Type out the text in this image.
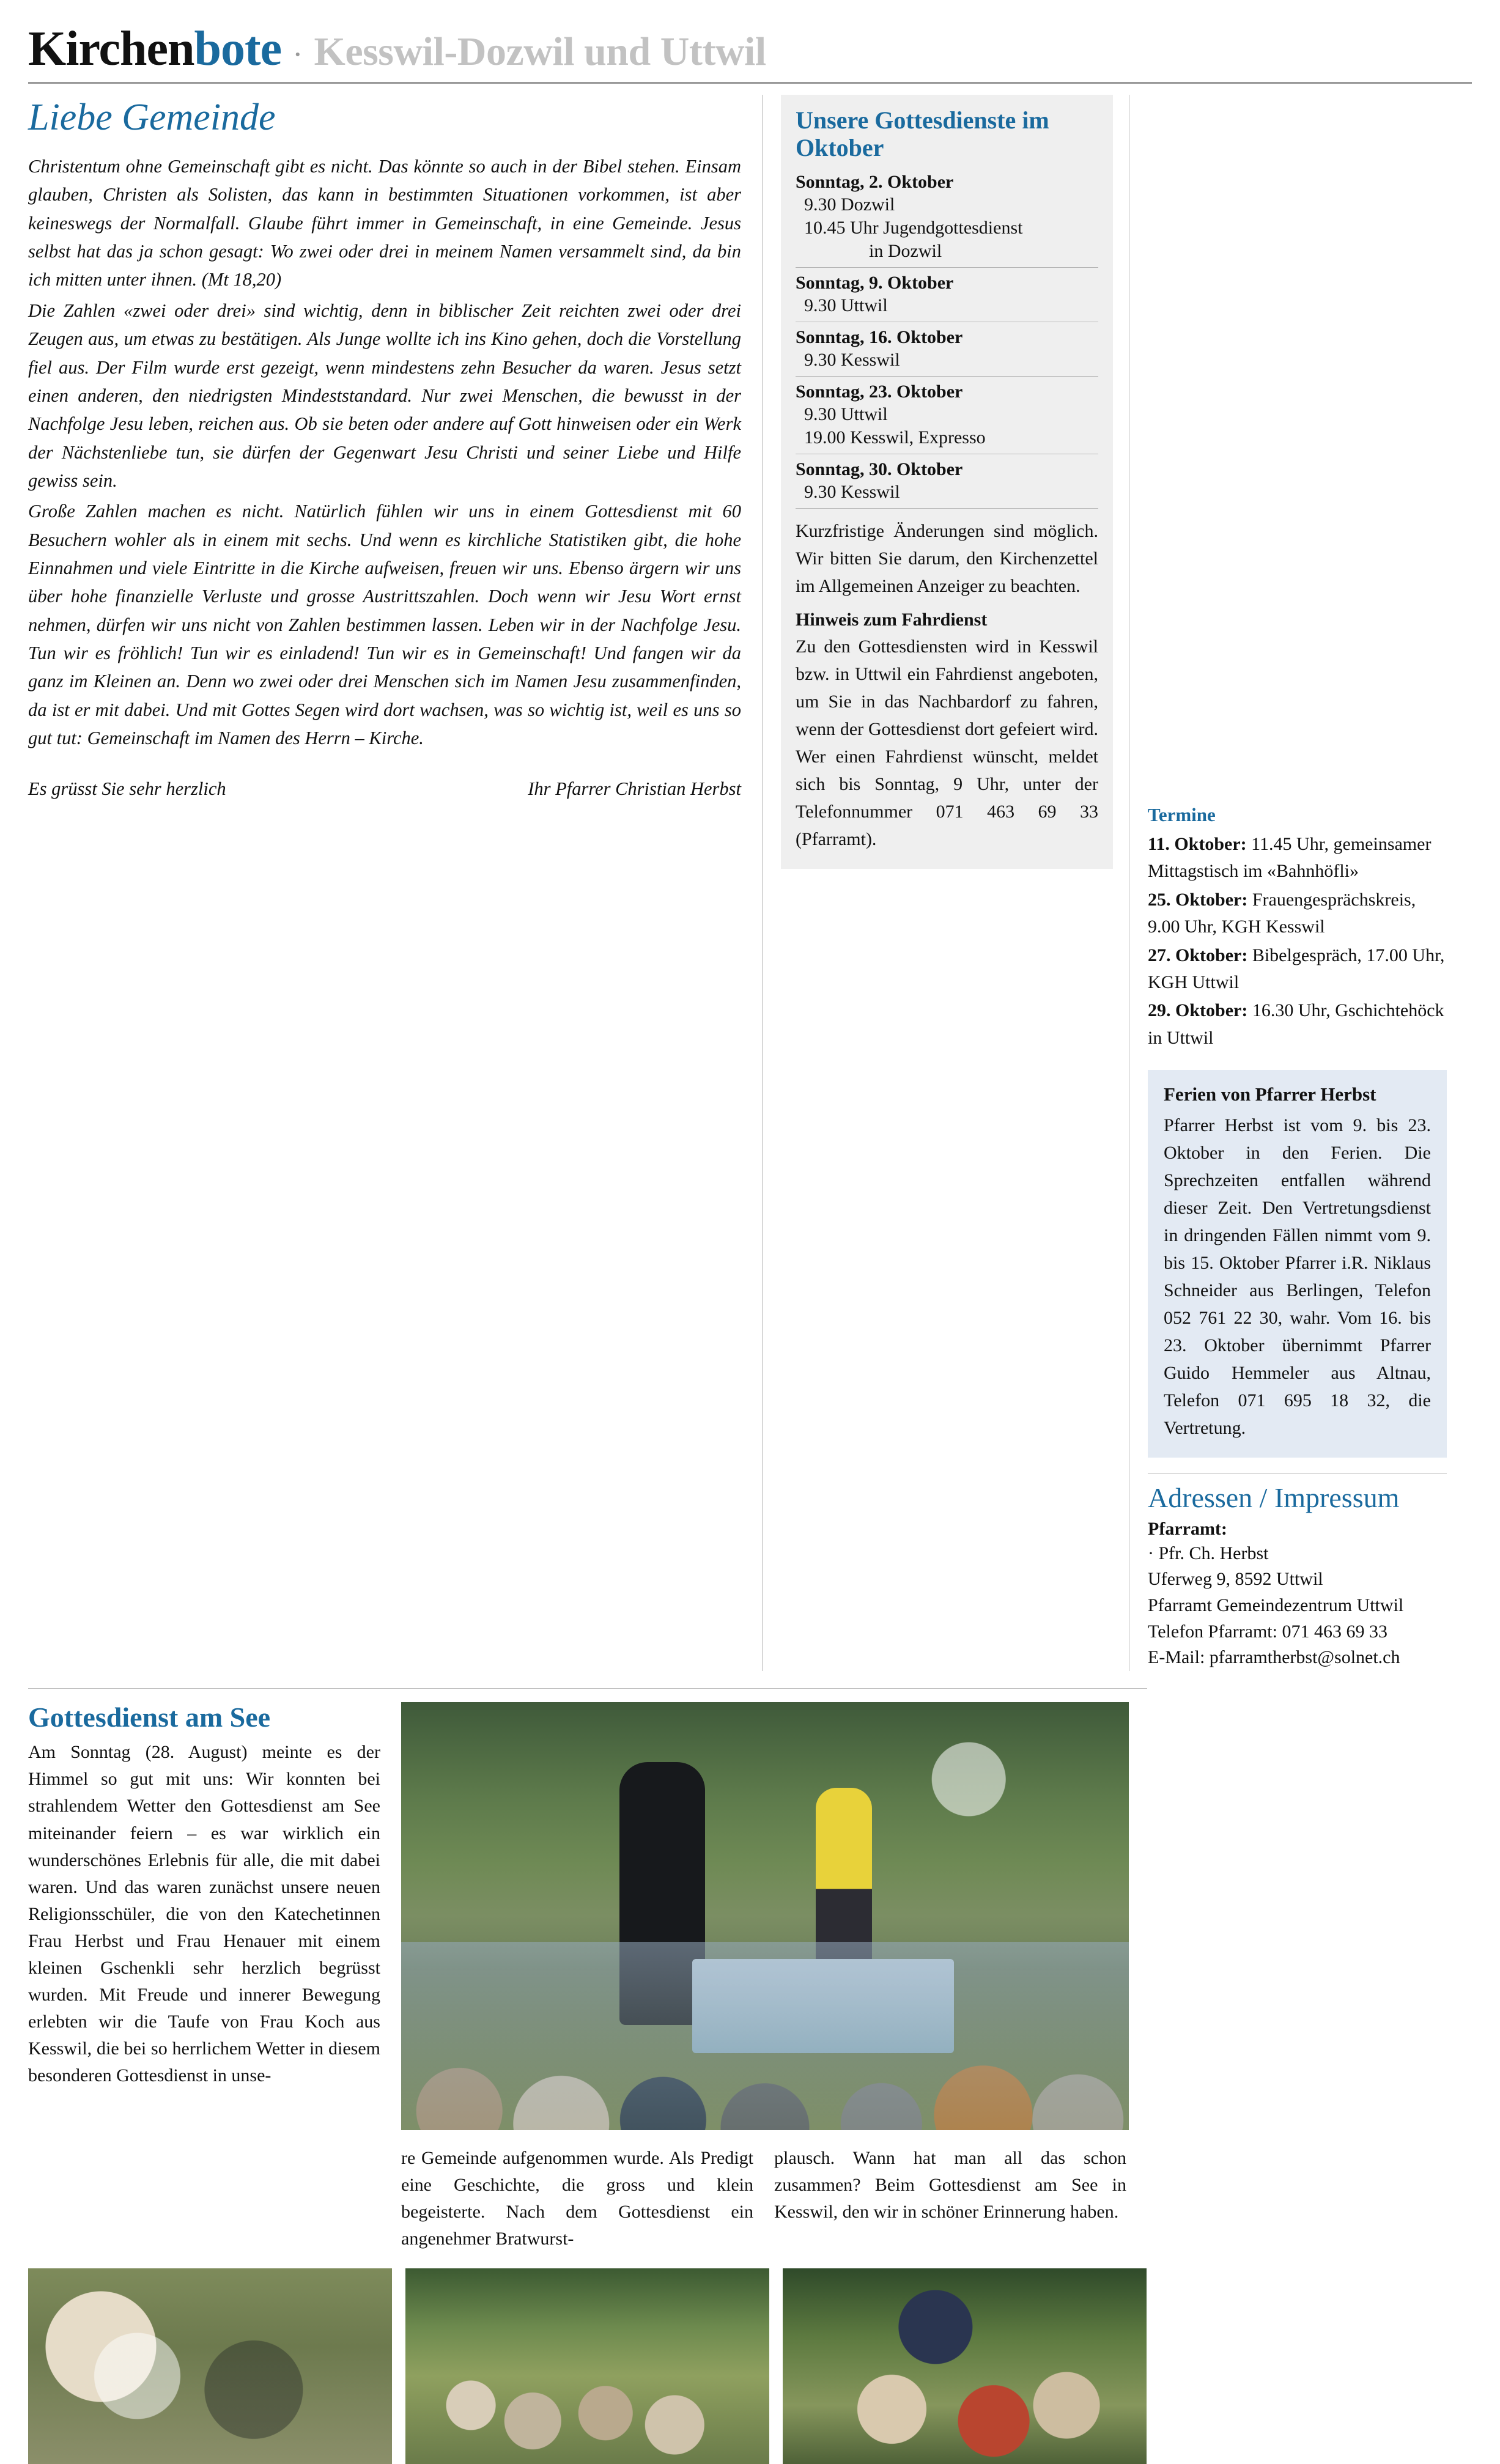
Kirchen bote · Kesswil-Dozwil und Uttwil
Liebe Gemeinde

Christentum ohne Gemeinschaft gibt es nicht. Das könnte so auch in der Bibel stehen. Einsam glauben, Christen als Solisten, das kann in bestimmten Situationen vorkommen, ist aber keineswegs der Normalfall. Glaube führt immer in Gemeinschaft, in eine Gemeinde. Jesus selbst hat das ja schon gesagt: Wo zwei oder drei in meinem Namen versammelt sind, da bin ich mitten unter ihnen. (Mt 18,20)

Die Zahlen «zwei oder drei» sind wichtig, denn in biblischer Zeit reichten zwei oder drei Zeugen aus, um etwas zu bestätigen. Als Junge wollte ich ins Kino gehen, doch die Vorstellung fiel aus. Der Film wurde erst gezeigt, wenn mindestens zehn Besucher da waren. Jesus setzt einen anderen, den niedrigsten Mindeststandard. Nur zwei Menschen, die bewusst in der Nachfolge Jesu leben, reichen aus. Ob sie beten oder andere auf Gott hinweisen oder ein Werk der Nächstenliebe tun, sie dürfen der Gegenwart Jesu Christi und seiner Liebe und Hilfe gewiss sein.

Große Zahlen machen es nicht. Natürlich fühlen wir uns in einem Gottesdienst mit 60 Besuchern wohler als in einem mit sechs. Und wenn es kirchliche Statistiken gibt, die hohe Einnahmen und viele Eintritte in die Kirche aufweisen, freuen wir uns. Ebenso ärgern wir uns über hohe finanzielle Verluste und grosse Austrittszahlen. Doch wenn wir Jesu Wort ernst nehmen, dürfen wir uns nicht von Zahlen bestimmen lassen. Leben wir in der Nachfolge Jesu. Tun wir es fröhlich! Tun wir es einladend! Tun wir es in Gemeinschaft! Und fangen wir da ganz im Kleinen an. Denn wo zwei oder drei Menschen sich im Namen Jesu zusammenfinden, da ist er mit dabei. Und mit Gottes Segen wird dort wachsen, was so wichtig ist, weil es uns so gut tut: Gemeinschaft im Namen des Herrn – Kirche.

Es grüsst Sie sehr herzlich	Ihr Pfarrer Christian Herbst
Unsere Gottesdienste im Oktober

Sonntag, 2. Oktober

9.30 Dozwil

10.45 Uhr Jugendgottesdienst

in Dozwil

Sonntag, 9. Oktober

9.30 Uttwil

Sonntag, 16. Oktober

9.30 Kesswil

Sonntag, 23. Oktober

9.30 Uttwil

19.00 Kesswil, Expresso

Sonntag, 30. Oktober

9.30 Kesswil

Kurzfristige Änderungen sind möglich. Wir bitten Sie darum, den Kirchenzettel im Allgemeinen Anzeiger zu beachten.

Hinweis zum Fahrdienst

Zu den Gottesdiensten wird in Kesswil bzw. in Uttwil ein Fahrdienst angeboten, um Sie in das Nachbardorf zu fahren, wenn der Gottesdienst dort gefeiert wird. Wer einen Fahrdienst wünscht, meldet sich bis Sonntag, 9 Uhr, unter der Telefonnummer 071 463 69 33 (Pfarramt).

Termine

11. Oktober: 11.45 Uhr, gemeinsamer Mittagstisch im «Bahnhöfli»

25. Oktober: Frauengesprächskreis, 9.00 Uhr, KGH Kesswil

27. Oktober: Bibelgespräch, 17.00 Uhr, KGH Uttwil

29. Oktober: 16.30 Uhr, Gschichtehöck in Uttwil

Ferien von Pfarrer Herbst

Pfarrer Herbst ist vom 9. bis 23. Oktober in den Ferien. Die Sprechzeiten entfallen während dieser Zeit. Den Vertretungsdienst in dringenden Fällen nimmt vom 9. bis 15. Oktober Pfarrer i.R. Niklaus Schneider aus Berlingen, Telefon 052 761 22 30, wahr. Vom 16. bis 23. Oktober übernimmt Pfarrer Guido Hemmeler aus Altnau, Telefon 071 695 18 32, die Vertretung.

Adressen / Impressum

Pfarramt:

· Pfr. Ch. Herbst

Uferweg 9, 8592 Uttwil

Pfarramt Gemeindezentrum Uttwil

Telefon Pfarramt: 071 463 69 33

E-Mail: pfarramtherbst@solnet.ch

Gottesdienst am See

Am Sonntag (28. August) meinte es der Himmel so gut mit uns: Wir konnten bei strahlendem Wetter den Gottesdienst am See miteinander feiern – es war wirklich ein wunderschönes Erlebnis für alle, die mit dabei waren. Und das waren zunächst unsere neuen Religionsschüler, die von den Katechetinnen Frau Herbst und Frau Henauer mit einem kleinen Gschenkli sehr herzlich begrüsst wurden. Mit Freude und innerer Bewegung erlebten wir die Taufe von Frau Koch aus Kesswil, die bei so herrlichem Wetter in diesem besonderen Gottesdienst in unse-

re Gemeinde aufgenommen wurde. Als Predigt eine Geschichte, die gross und klein begeisterte. Nach dem Gottesdienst ein angenehmer Bratwurst-

plausch. Wann hat man all das schon zusammen? Beim Gottesdienst am See in Kesswil, den wir in schöner Erinnerung haben.
